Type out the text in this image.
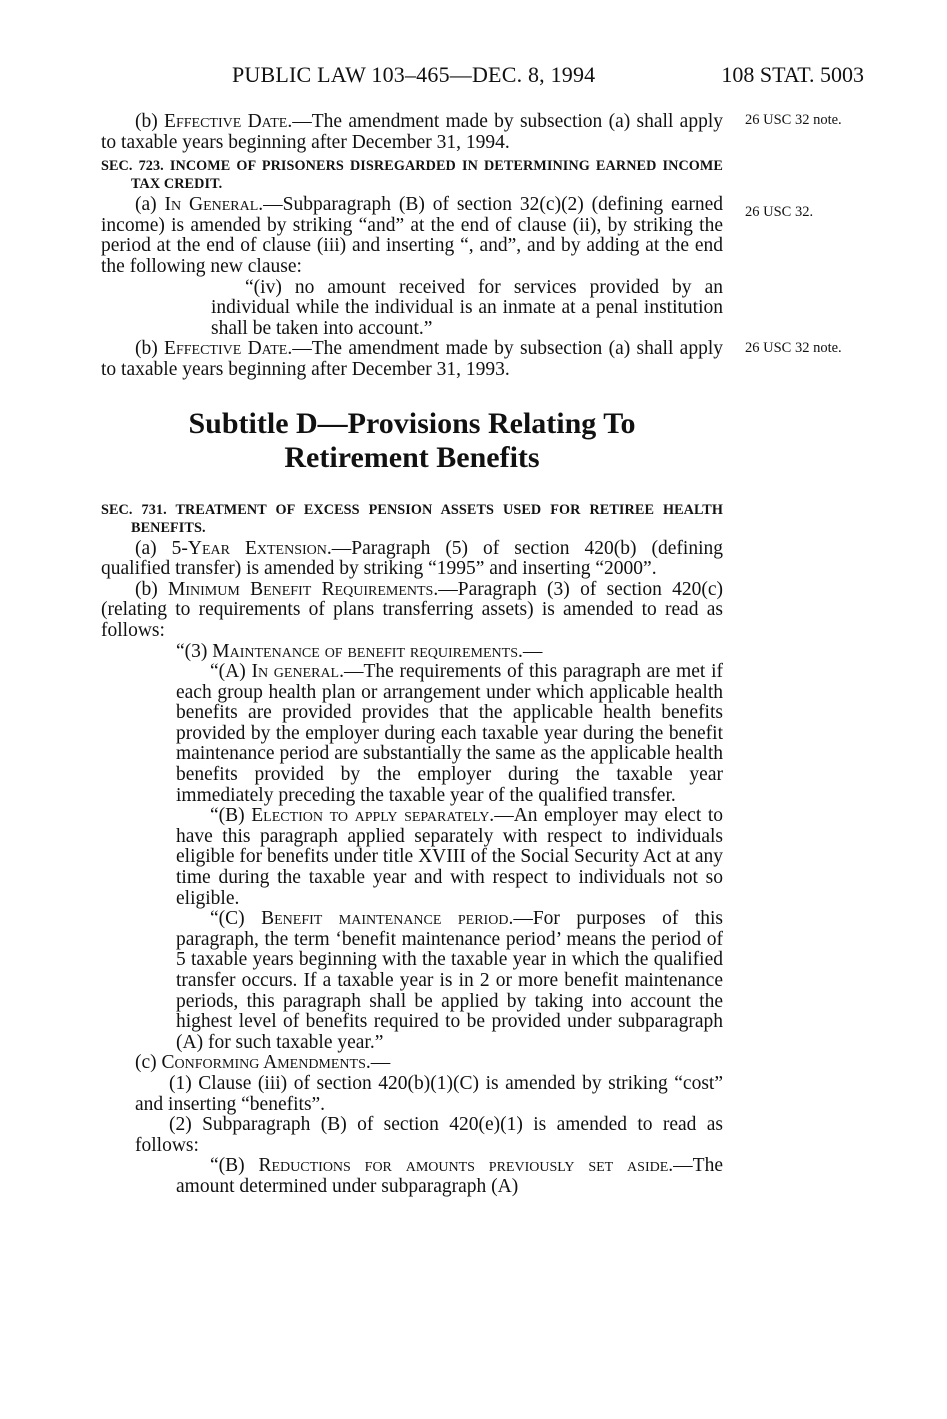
PUBLIC LAW 103–465—DEC. 8, 1994	108 STAT. 5003
26 USC 32 note.
26 USC 32.
26 USC 32 note.

(b) Effective Date.—The amendment made by subsection (a) shall apply to taxable years beginning after December 31, 1994.

SEC. 723. INCOME OF PRISONERS DISREGARDED IN DETERMINING EARNED INCOME TAX CREDIT.

(a) In General.—Subparagraph (B) of section 32(c)(2) (defining earned income) is amended by striking “and” at the end of clause (ii), by striking the period at the end of clause (iii) and inserting “, and”, and by adding at the end the following new clause:

“(iv) no amount received for services provided by an individual while the individual is an inmate at a penal institution shall be taken into account.”

(b) Effective Date.—The amendment made by subsection (a) shall apply to taxable years beginning after December 31, 1993.

Subtitle D—Provisions Relating To
Retirement Benefits

SEC. 731. TREATMENT OF EXCESS PENSION ASSETS USED FOR RETIREE HEALTH BENEFITS.

(a) 5-Year Extension.—Paragraph (5) of section 420(b) (defining qualified transfer) is amended by striking “1995” and inserting “2000”.

(b) Minimum Benefit Requirements.—Paragraph (3) of section 420(c) (relating to requirements of plans transferring assets) is amended to read as follows:

“(3) Maintenance of benefit requirements.—

“(A) In general.—The requirements of this paragraph are met if each group health plan or arrangement under which applicable health benefits are provided provides that the applicable health benefits provided by the employer during each taxable year during the benefit maintenance period are substantially the same as the applicable health benefits provided by the employer during the taxable year immediately preceding the taxable year of the qualified transfer.

“(B) Election to apply separately.—An employer may elect to have this paragraph applied separately with respect to individuals eligible for benefits under title XVIII of the Social Security Act at any time during the taxable year and with respect to individuals not so eligible.

“(C) Benefit maintenance period.—For purposes of this paragraph, the term ‘benefit maintenance period’ means the period of 5 taxable years beginning with the taxable year in which the qualified transfer occurs. If a taxable year is in 2 or more benefit maintenance periods, this paragraph shall be applied by taking into account the highest level of benefits required to be provided under subparagraph (A) for such taxable year.”

(c) Conforming Amendments.—

(1) Clause (iii) of section 420(b)(1)(C) is amended by striking “cost” and inserting “benefits”.

(2) Subparagraph (B) of section 420(e)(1) is amended to read as follows:

“(B) Reductions for amounts previously set aside.—The amount determined under subparagraph (A)
